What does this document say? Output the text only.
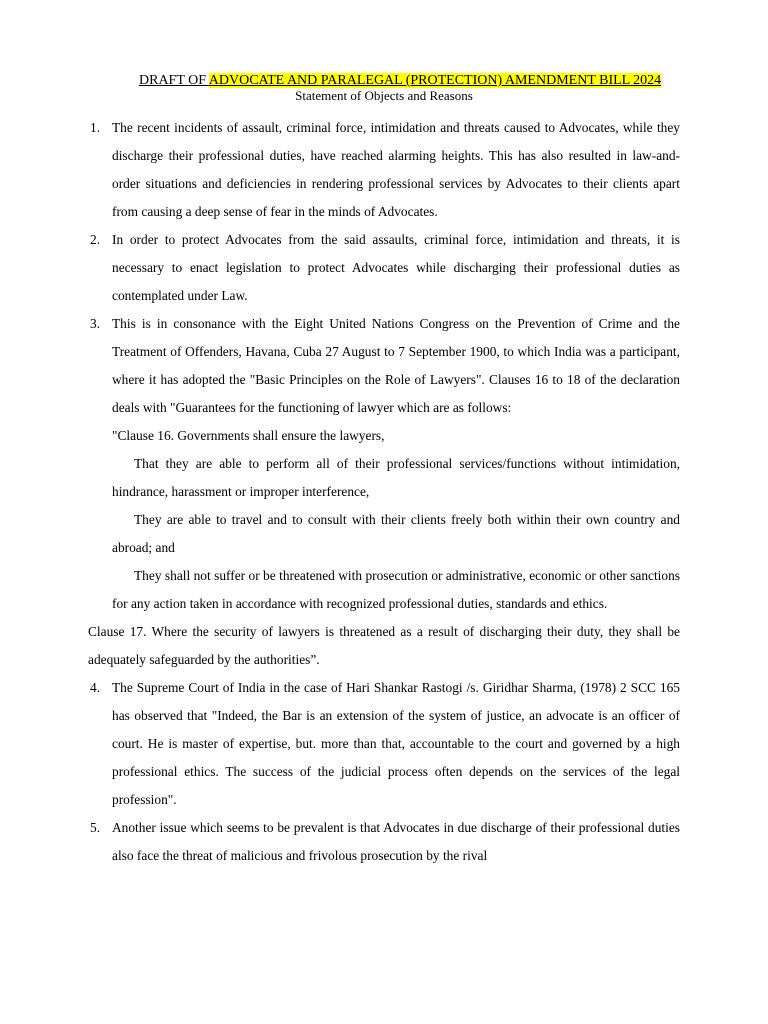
DRAFT OF ADVOCATE AND PARALEGAL (PROTECTION) AMENDMENT BILL 2024
Statement of Objects and Reasons

1. The recent incidents of assault, criminal force, intimidation and threats caused to Advocates, while they discharge their professional duties, have reached alarming heights. This has also resulted in law-and-order situations and deficiencies in rendering professional services by Advocates to their clients apart from causing a deep sense of fear in the minds of Advocates.

2. In order to protect Advocates from the said assaults, criminal force, intimidation and threats, it is necessary to enact legislation to protect Advocates while discharging their professional duties as contemplated under Law.

3. This is in consonance with the Eight United Nations Congress on the Prevention of Crime and the Treatment of Offenders, Havana, Cuba 27 August to 7 September 1900, to which India was a participant, where it has adopted the "Basic Principles on the Role of Lawyers". Clauses 16 to 18 of the declaration deals with "Guarantees for the functioning of lawyer which are as follows:

"Clause 16. Governments shall ensure the lawyers,

That they are able to perform all of their professional services/functions without intimidation, hindrance, harassment or improper interference,

They are able to travel and to consult with their clients freely both within their own country and abroad; and

They shall not suffer or be threatened with prosecution or administrative, economic or other sanctions for any action taken in accordance with recognized professional duties, standards and ethics.

Clause 17. Where the security of lawyers is threatened as a result of discharging their duty, they shall be adequately safeguarded by the authorities”.

4. The Supreme Court of India in the case of Hari Shankar Rastogi /s. Giridhar Sharma, (1978) 2 SCC 165 has observed that "Indeed, the Bar is an extension of the system of justice, an advocate is an officer of court. He is master of expertise, but. more than that, accountable to the court and governed by a high professional ethics. The success of the judicial process often depends on the services of the legal profession".

5. Another issue which seems to be prevalent is that Advocates in due discharge of their professional duties also face the threat of malicious and frivolous prosecution by the rival
